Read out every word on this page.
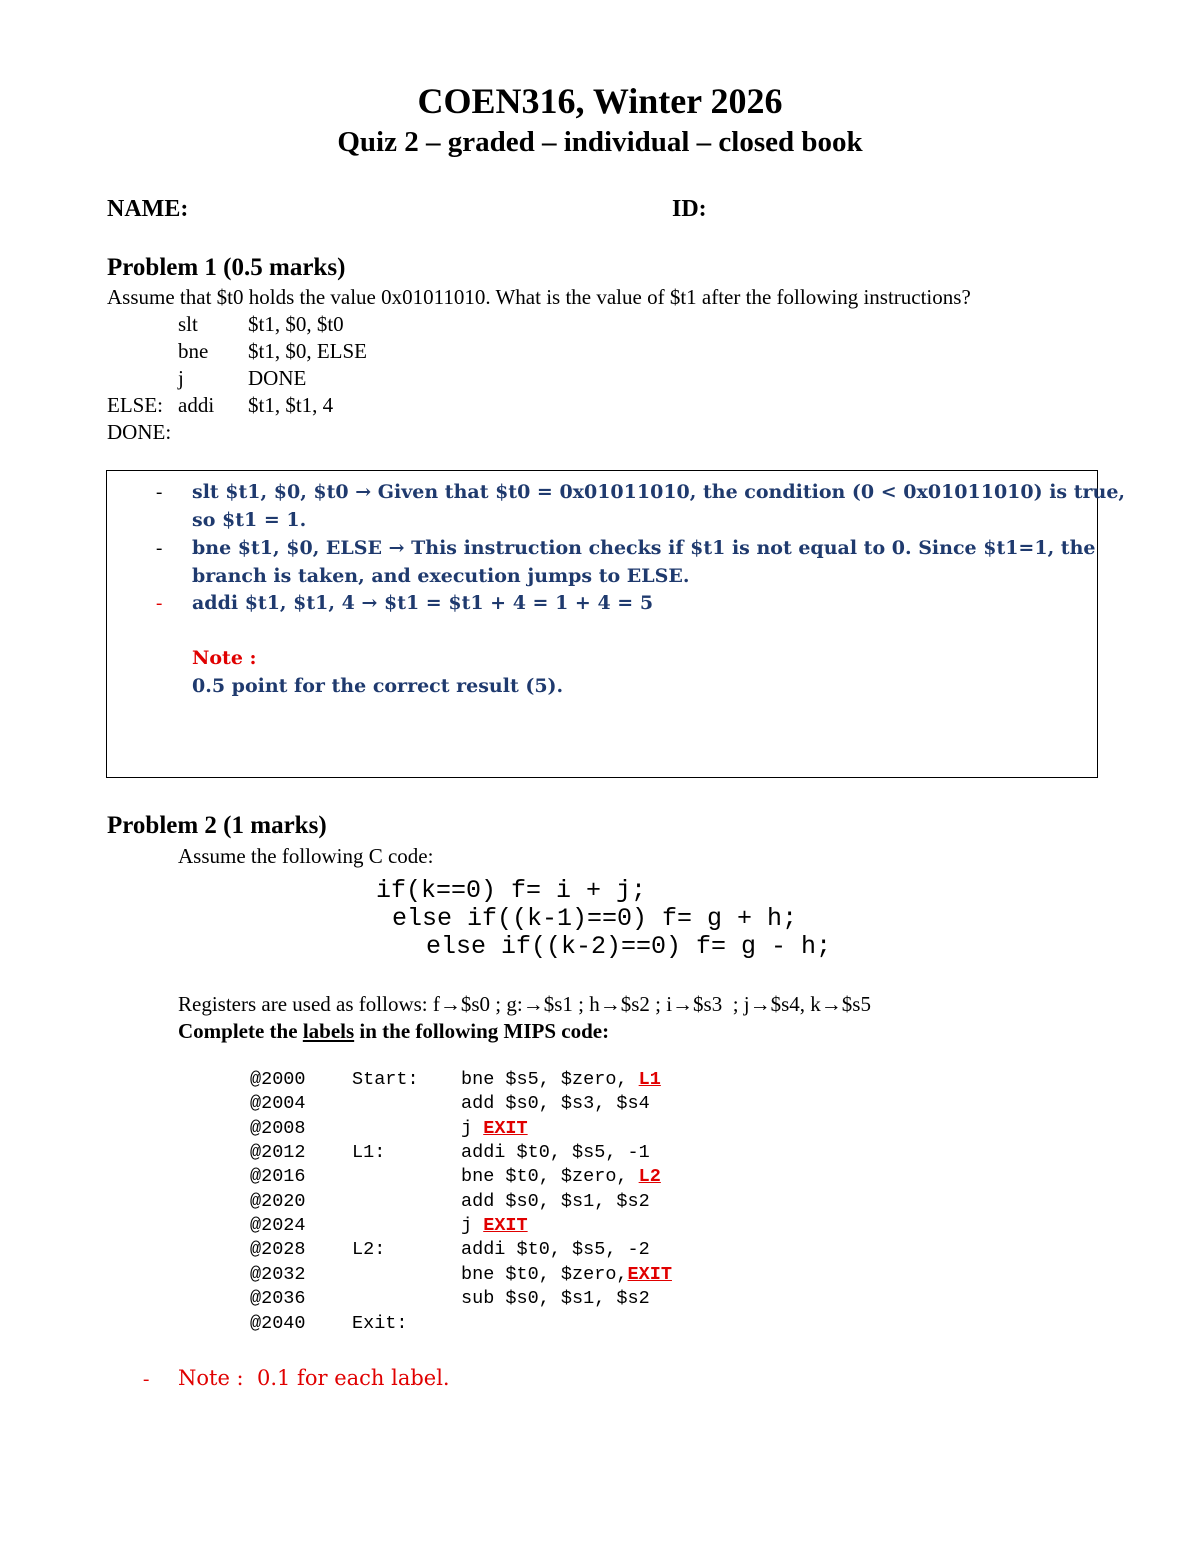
COEN316, Winter 2026
Quiz 2 – graded – individual – closed book
NAME:	ID:
Problem 1 (0.5 marks)
Assume that $t0 holds the value 0x01011010. What is the value of $t1 after the following instructions?
slt $t1, $0, $t0
bne $t1, $0, ELSE
j	DONE
ELSE: addi $t1, $t1, 4
DONE:
- slt $t1, $0, $t0 → Given that $t0 = 0x01011010, the condition (0 < 0x01011010) is true,
so $t1 = 1.
- bne $t1, $0, ELSE → This instruction checks if $t1 is not equal to 0. Since $t1=1, the
branch is taken, and execution jumps to ELSE.
- addi $t1, $t1, 4 → $t1 = $t1 + 4 = 1 + 4 = 5
Note :
0.5 point for the correct result (5).
Problem 2 (1 marks)
Assume the following C code:
if(k==0) f= i + j;
else if((k-1)==0) f= g + h;
else if((k-2)==0) f= g - h;
Registers are used as follows: f→$s0 ; g:→$s1 ; h→$s2 ; i→$s3  ; j→$s4, k→$s5
Complete the labels in the following MIPS code:
@2000	Start: bne $s5, $zero, L1
@2004	add $s0, $s3, $s4
@2008	j EXIT
@2012	L1:	addi $t0, $s5, -1
@2016	bne $t0, $zero, L2
@2020	add $s0, $s1, $s2
@2024	j EXIT
@2028	L2:	addi $t0, $s5, -2
@2032	bne $t0, $zero,EXIT
@2036	sub $s0, $s1, $s2
@2040	Exit:
- Note :  0.1 for each label.
